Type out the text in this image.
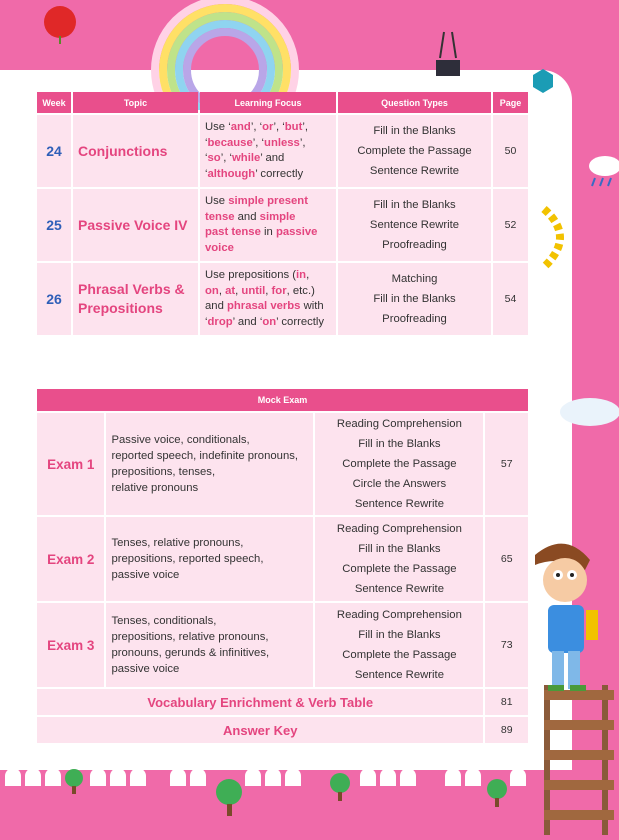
Week	Topic	Learning Focus	Question Types	Page
24	Conjunctions	Use ‘and’, ‘or’, ‘but’,
‘because’, ‘unless’,
‘so’, ‘while’ and
‘although’ correctly	Fill in the Blanks
Complete the Passage
Sentence Rewrite	50
25	Passive Voice IV	Use simple present
tense and simple
past tense in passive
voice	Fill in the Blanks
Sentence Rewrite
Proofreading	52
26	Phrasal Verbs & Prepositions	Use prepositions (in,
on, at, until, for, etc.)
and phrasal verbs with
‘drop’ and ‘on’ correctly	Matching
Fill in the Blanks
Proofreading	54
Mock Exam			
Exam 1	Passive voice, conditionals,
reported speech, indefinite pronouns,
prepositions, tenses,
relative pronouns	Reading Comprehension
Fill in the Blanks
Complete the Passage
Circle the Answers
Sentence Rewrite	57
Exam 2	Tenses, relative pronouns,
prepositions, reported speech,
passive voice	Reading Comprehension
Fill in the Blanks
Complete the Passage
Sentence Rewrite	65
Exam 3	Tenses, conditionals,
prepositions, relative pronouns,
pronouns, gerunds & infinitives,
passive voice	Reading Comprehension
Fill in the Blanks
Complete the Passage
Sentence Rewrite	73
Vocabulary Enrichment & Verb Table			81
Answer Key			89
